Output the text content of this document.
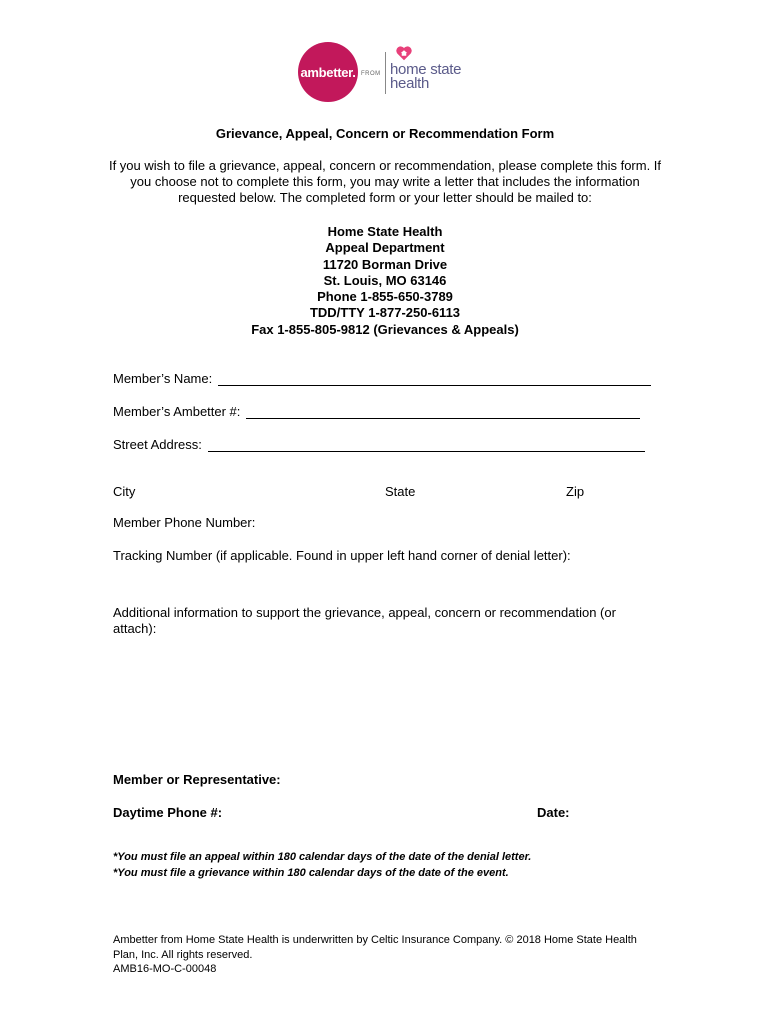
ambetter. FROM home state
health
Grievance, Appeal, Concern or Recommendation Form
If you wish to file a grievance, appeal, concern or recommendation, please complete this form. If you choose not to complete this form, you may write a letter that includes the information requested below. The completed form or your letter should be mailed to:
Home State Health
Appeal Department
11720 Borman Drive
St. Louis, MO 63146
Phone 1-855-650-3789
TDD/TTY 1-877-250-6113
Fax 1-855-805-9812 (Grievances & Appeals)
Member’s Name:
Member’s Ambetter #:
Street Address:
City	State	Zip
Member Phone Number:
Tracking Number (if applicable. Found in upper left hand corner of denial letter):
Additional information to support the grievance, appeal, concern or recommendation (or attach):
Member or Representative:
Daytime Phone #:	Date:
*You must file an appeal within 180 calendar days of the date of the denial letter.
*You must file a grievance within 180 calendar days of the date of the event.
Ambetter from Home State Health is underwritten by Celtic Insurance Company. © 2018 Home State Health Plan, Inc. All rights reserved.
AMB16-MO-C-00048
